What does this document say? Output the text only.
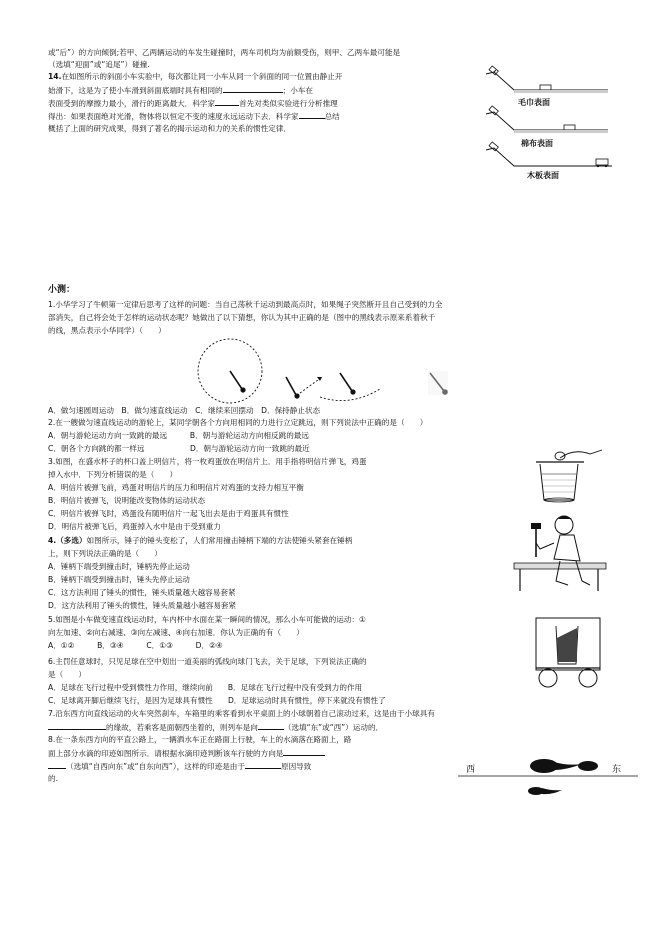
或“后”）的方向倾倒;若甲、乙两辆运动的车发生碰撞时，两车司机均为前额受伤，则甲、乙两车最可能是
（选填“迎面”或“追尾”）碰撞.
14.在如图所示的斜面小车实验中，每次都让同一小车从同一个斜面的同一位置由静止开
始滑下，这是为了使小车滑到斜面底端时具有相同的	；小车在
表面受到的摩擦力最小，滑行的距离最大．科学家	首先对类似实验进行分析推理
得出：如果表面绝对光滑，物体将以恒定不变的速度永远运动下去．科学家	总结
概括了上面的研究成果，得到了著名的揭示运动和力的关系的惯性定律．
毛巾表面
棉布表面
木板表面
小测：
1.小华学习了牛顿第一定律后思考了这样的问题：当自己荡秋千运动到最高点时，如果绳子突然断开且自己受到的力全
部消失，自己将会处于怎样的运动状态呢？她做出了以下猜想，你认为其中正确的是（图中的黑线表示原来系着秋千
的线，黑点表示小华同学）（　　）
A．做匀速圆周运动　B．做匀速直线运动　C．继续来回摆动　D．保持静止状态
2.在一艘做匀速直线运动的游轮上，某同学朝各个方向用相同的力进行立定跳远，则下列说法中正确的是（　　）
A．朝与游轮运动方向一致跳的最远　　　B．朝与游轮运动方向相反跳的最远
C．朝各个方向跳的都一样远　　　　　　D．朝与游轮运动方向一致跳的最近
3.如图，在盛水杯子的杯口盖上明信片，将一枚鸡蛋放在明信片上．用手指将明信片弹飞，鸡蛋
掉入水中．下列分析错误的是（　　）
A．明信片被弹飞前，鸡蛋对明信片的压力和明信片对鸡蛋的支持力相互平衡
B．明信片被弹飞，说明能改变物体的运动状态
C．明信片被弹飞时，鸡蛋没有随明信片一起飞出去是由于鸡蛋具有惯性
D．明信片被弹飞后，鸡蛋掉入水中是由于受到重力
4.（多选）如图所示，锤子的锤头变松了，人们常用撞击锤柄下端的方法使锤头紧套在锤柄
上，则下列说法正确的是（　　）
A．锤柄下端受到撞击时，锤柄先停止运动
B．锤柄下端受到撞击时，锤头先停止运动
C．这方法利用了锤头的惯性，锤头质量越大越容易套紧
D．这方法利用了锤头的惯性，锤头质量越小越容易套紧
5.如图是小车做变速直线运动时，车内杯中水面在某一瞬间的情况，那么小车可能做的运动：①
向左加速、②向右减速、③向左减速、④向右加速．你认为正确的有（　　）
A．①②　　　B．③④　　　C．①③　　　D．②④
6.主罚任意球时，只见足球在空中划出一道美丽的弧线向球门飞去，关于足球，下列说法正确的
是（　　）
A．足球在飞行过程中受到惯性力作用，继续向前　　B．足球在飞行过程中没有受到力的作用
C．足球离开脚后继续飞行，是因为足球具有惯性　　D．足球运动时具有惯性，停下来就没有惯性了
7.沿东西方向直线运动的火车突然刹车，车箱里的乘客看到水平桌面上的小球朝着自己滚动过来，这是由于小球具有
的缘故，若乘客是面朝西坐着的，则列车是向	（选填“东”或“西”）运动的．
8.在一条东西方向的平直公路上，一辆洒水车正在路面上行驶，车上的水滴落在路面上，路
面上部分水滴的印迹如图所示．请根据水滴印迹判断该车行驶的方向是
（选填“自西向东”或“自东向西”），这样的印迹是由于	原因导致
的.
西	东
